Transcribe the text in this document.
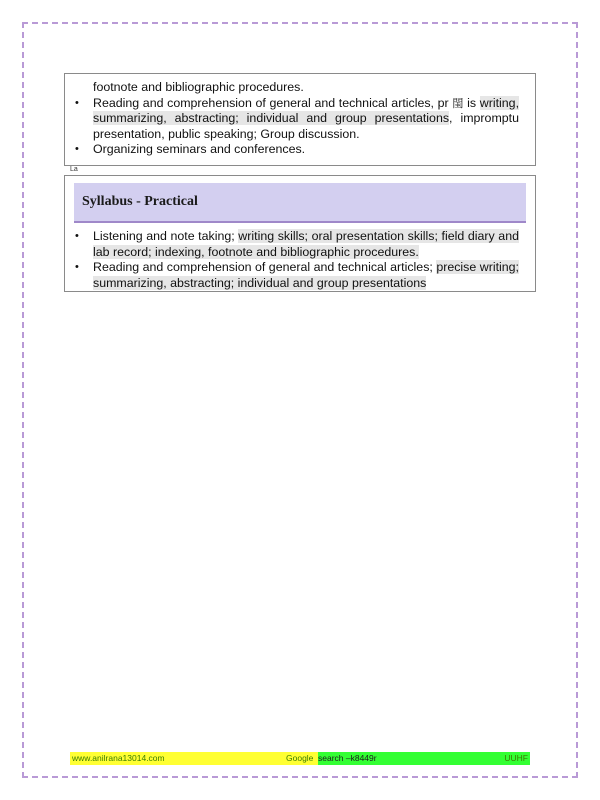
footnote and bibliographic procedures.
• Reading and comprehension of general and technical articles, pr 閨 is writing, summarizing, abstracting; individual and group presentations, impromptu presentation, public speaking; Group discussion.
• Organizing seminars and conferences.
La
Syllabus - Practical
• Listening and note taking; writing skills; oral presentation skills; field diary and lab record; indexing, footnote and bibliographic procedures.
• Reading and comprehension of general and technical articles; precise writing; summarizing, abstracting; individual and group presentations
www.anilrana13014.com	Google search –k8449r	UUHF
